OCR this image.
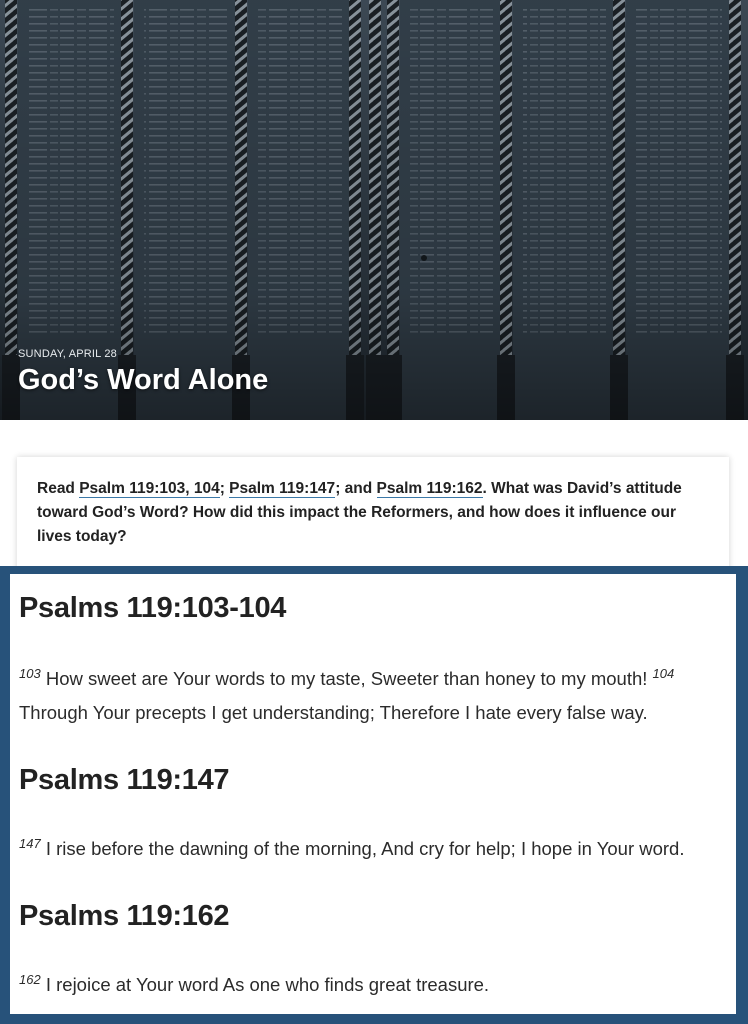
SUNDAY, APRIL 28
God’s Word Alone
Read Psalm 119:103, 104; Psalm 119:147; and Psalm 119:162. What was David’s attitude toward God’s Word? How did this impact the Reformers, and how does it influence our lives today?
Psalms 119:103-104
$^{103}$ How sweet are Your words to my taste, Sweeter than honey to my mouth! $^{104}$ Through Your precepts I get understanding; Therefore I hate every false way.
Psalms 119:147
$^{147}$ I rise before the dawning of the morning, And cry for help; I hope in Your word.
Psalms 119:162
$^{162}$ I rejoice at Your word As one who finds great treasure.
